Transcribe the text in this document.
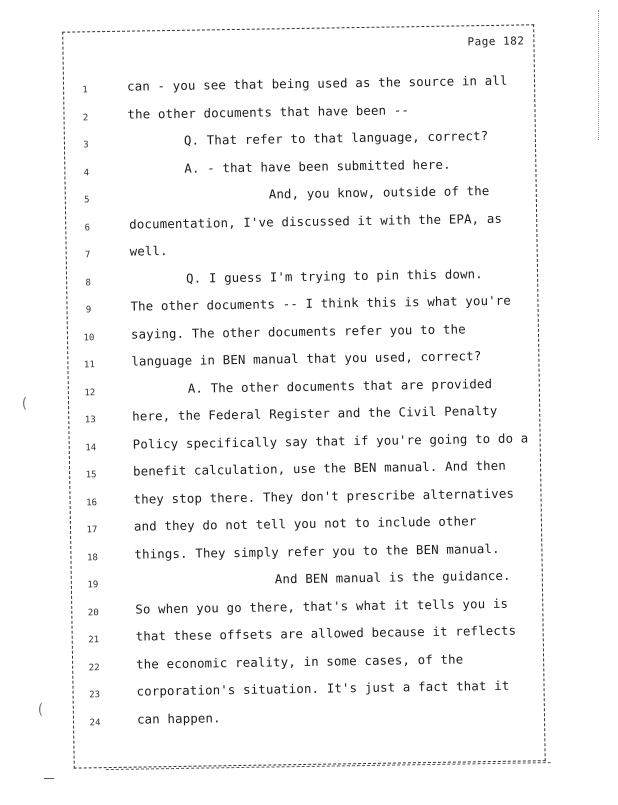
Page 182
1	can - you see that being used as the source in all
2	the other documents that have been --
3	Q. That refer to that language, correct?
4	A. - that have been submitted here.
5	And, you know, outside of the
6	documentation, I've discussed it with the EPA, as
7	well.
8	Q. I guess I'm trying to pin this down.
9	The other documents -- I think this is what you're
10	saying. The other documents refer you to the
11	language in BEN manual that you used, correct?
12	A. The other documents that are provided
13	here, the Federal Register and the Civil Penalty
14	Policy specifically say that if you're going to do a
15	benefit calculation, use the BEN manual. And then
16	they stop there. They don't prescribe alternatives
17	and they do not tell you not to include other
18	things. They simply refer you to the BEN manual.
19	And BEN manual is the guidance.
20	So when you go there, that's what it tells you is
21	that these offsets are allowed because it reflects
22	the economic reality, in some cases, of the
23	corporation's situation. It's just a fact that it
24	can happen.
(
(
